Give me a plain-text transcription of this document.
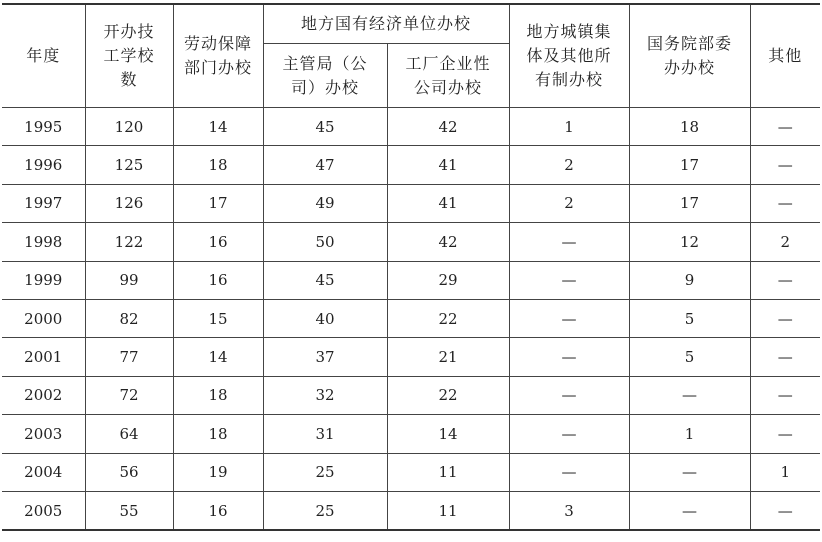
年度	开办技工学校数	劳动保障部门办校	地方国有经济单位办校		地方城镇集体及其他所有制办校	国务院部委办办校	其他

			主管局（公司）办校	工厂企业性公司办校			

1995	120	14	45	42	1	18	—
1996	125	18	47	41	2	17	—
1997	126	17	49	41	2	17	—
1998	122	16	50	42	—	12	2
1999	99	16	45	29	—	9	—
2000	82	15	40	22	—	5	—
2001	77	14	37	21	—	5	—
2002	72	18	32	22	—	—	—
2003	64	18	31	14	—	1	—
2004	56	19	25	11	—	—	1
2005	55	16	25	11	3	—	—
